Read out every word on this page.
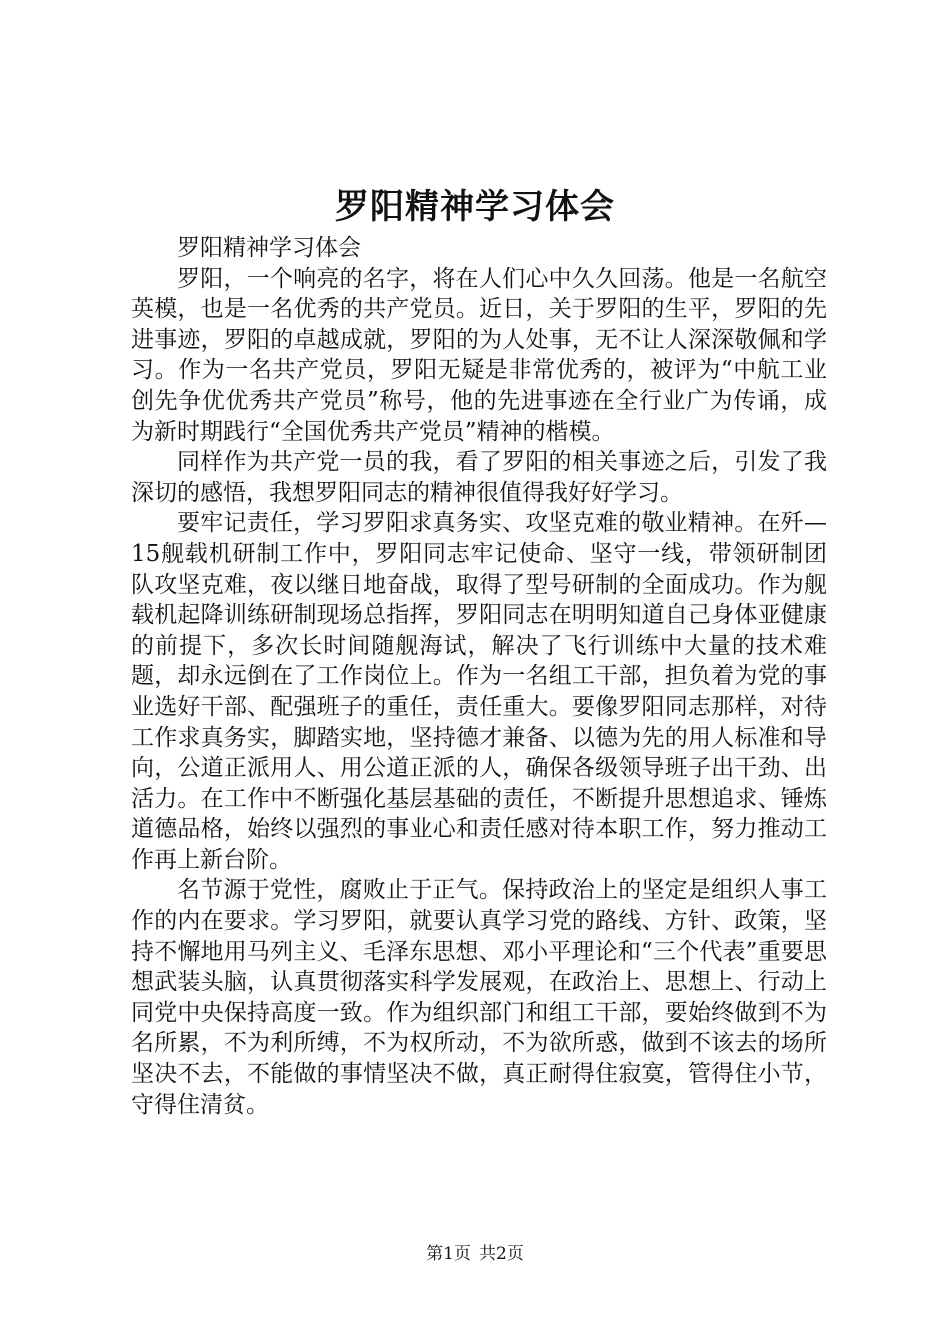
罗阳精神学习体会

罗阳精神学习体会

罗阳，一个响亮的名字，将在人们心中久久回荡。他是一名航空英模，也是一名优秀的共产党员。近日，关于罗阳的生平，罗阳的先进事迹，罗阳的卓越成就，罗阳的为人处事，无不让人深深敬佩和学习。作为一名共产党员，罗阳无疑是非常优秀的，被评为“中航工业创先争优优秀共产党员”称号，他的先进事迹在全行业广为传诵，成为新时期践行“全国优秀共产党员”精神的楷模。

同样作为共产党一员的我，看了罗阳的相关事迹之后，引发了我深切的感悟，我想罗阳同志的精神很值得我好好学习。

要牢记责任，学习罗阳求真务实、攻坚克难的敬业精神。在歼—15舰载机研制工作中，罗阳同志牢记使命、坚守一线，带领研制团队攻坚克难，夜以继日地奋战，取得了型号研制的全面成功。作为舰载机起降训练研制现场总指挥，罗阳同志在明明知道自己身体亚健康的前提下，多次长时间随舰海试，解决了飞行训练中大量的技术难题，却永远倒在了工作岗位上。作为一名组工干部，担负着为党的事业选好干部、配强班子的重任，责任重大。要像罗阳同志那样，对待工作求真务实，脚踏实地，坚持德才兼备、以德为先的用人标准和导向，公道正派用人、用公道正派的人，确保各级领导班子出干劲、出活力。在工作中不断强化基层基础的责任，不断提升思想追求、锤炼道德品格，始终以强烈的事业心和责任感对待本职工作，努力推动工作再上新台阶。

名节源于党性，腐败止于正气。保持政治上的坚定是组织人事工作的内在要求。学习罗阳，就要认真学习党的路线、方针、政策，坚持不懈地用马列主义、毛泽东思想、邓小平理论和“三个代表”重要思想武装头脑，认真贯彻落实科学发展观，在政治上、思想上、行动上同党中央保持高度一致。作为组织部门和组工干部，要始终做到不为名所累，不为利所缚，不为权所动，不为欲所惑，做到不该去的场所坚决不去，不能做的事情坚决不做，真正耐得住寂寞，管得住小节，守得住清贫。

第1页 共2页
